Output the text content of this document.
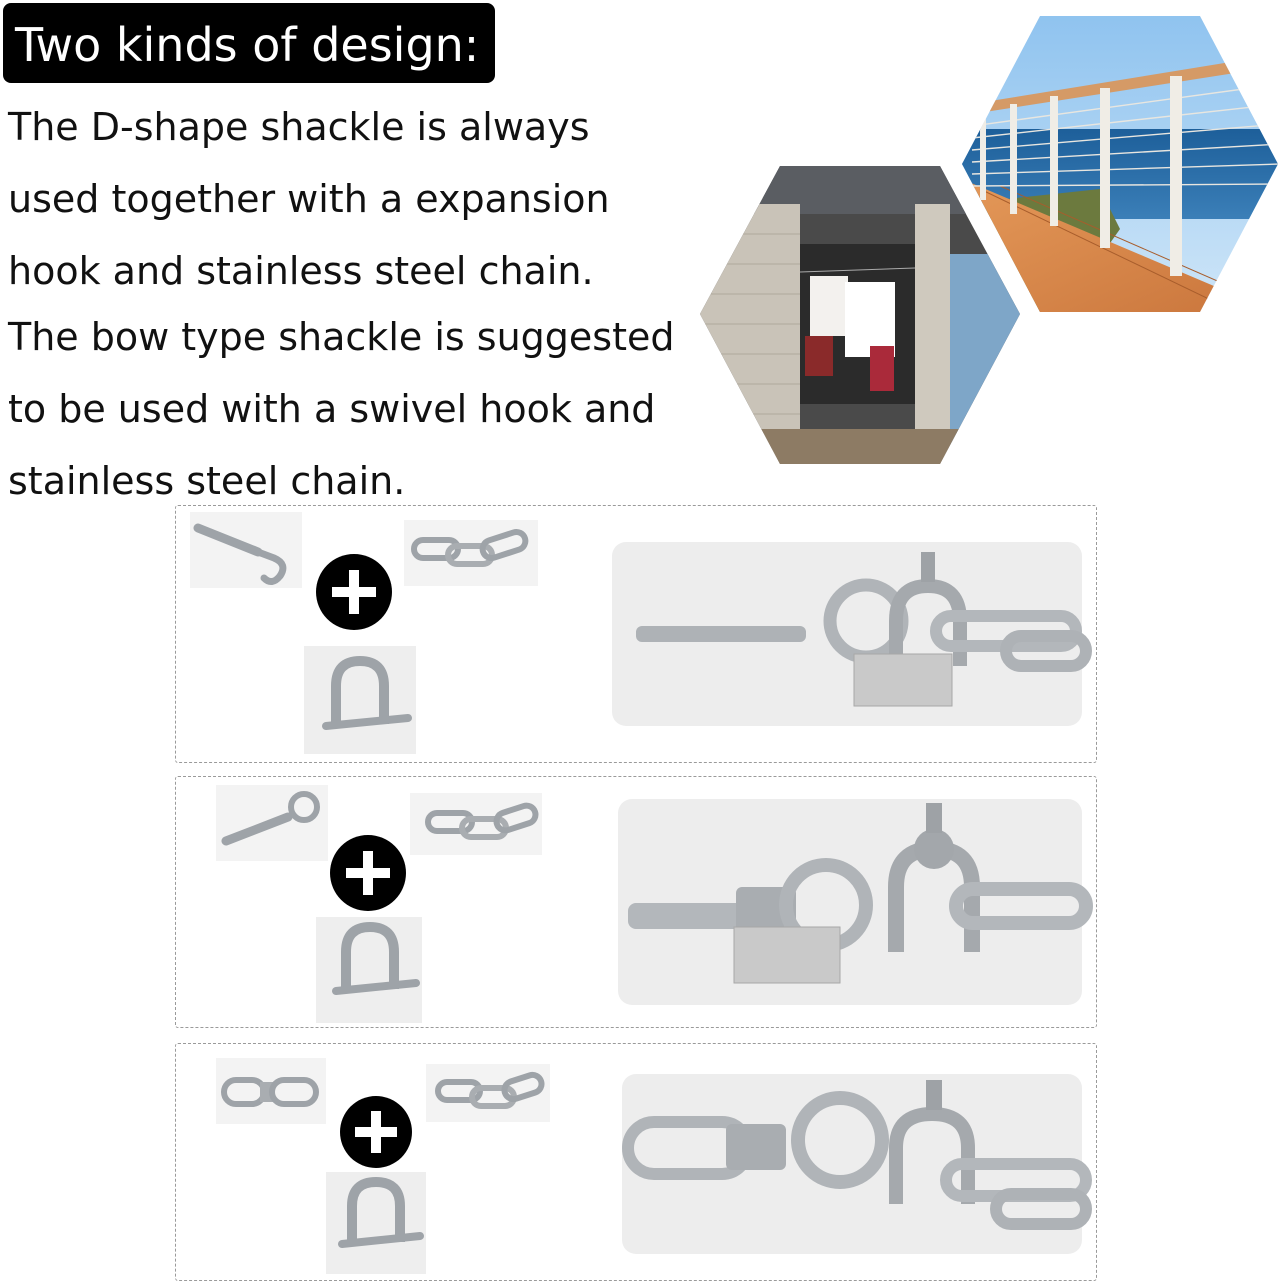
Two kinds of design:
The D-shape shackle is always
used together with a expansion
hook and stainless steel chain.
The bow type shackle is suggested
to be used with a swivel hook and
stainless steel chain.
